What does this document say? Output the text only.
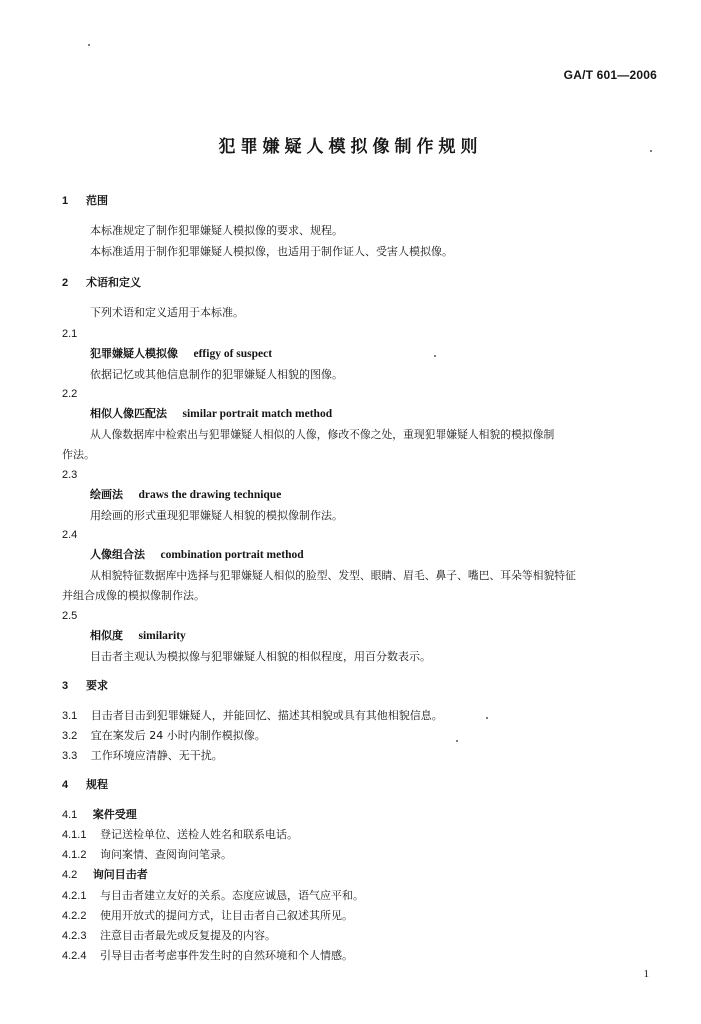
GA/T 601—2006
犯罪嫌疑人模拟像制作规则
1 范围
本标准规定了制作犯罪嫌疑人模拟像的要求、规程。
本标准适用于制作犯罪嫌疑人模拟像，也适用于制作证人、受害人模拟像。
2 术语和定义
下列术语和定义适用于本标准。
2.1
犯罪嫌疑人模拟像 effigy of suspect
依据记忆或其他信息制作的犯罪嫌疑人相貌的图像。
2.2
相似人像匹配法 similar portrait match method
从人像数据库中检索出与犯罪嫌疑人相似的人像，修改不像之处，重现犯罪嫌疑人相貌的模拟像制
作法。
2.3
绘画法 draws the drawing technique
用绘画的形式重现犯罪嫌疑人相貌的模拟像制作法。
2.4
人像组合法 combination portrait method
从相貌特征数据库中选择与犯罪嫌疑人相似的脸型、发型、眼睛、眉毛、鼻子、嘴巴、耳朵等相貌特征
并组合成像的模拟像制作法。
2.5
相似度 similarity
目击者主观认为模拟像与犯罪嫌疑人相貌的相似程度，用百分数表示。
3 要求
3.1 目击者目击到犯罪嫌疑人，并能回忆、描述其相貌或具有其他相貌信息。
3.2 宜在案发后 24 小时内制作模拟像。
3.3 工作环境应清静、无干扰。
4 规程
4.1 案件受理
4.1.1 登记送检单位、送检人姓名和联系电话。
4.1.2 询问案情、查阅询问笔录。
4.2 询问目击者
4.2.1 与目击者建立友好的关系。态度应诚恳，语气应平和。
4.2.2 使用开放式的提问方式，让目击者自己叙述其所见。
4.2.3 注意目击者最先或反复提及的内容。
4.2.4 引导目击者考虑事件发生时的自然环境和个人情感。
1
